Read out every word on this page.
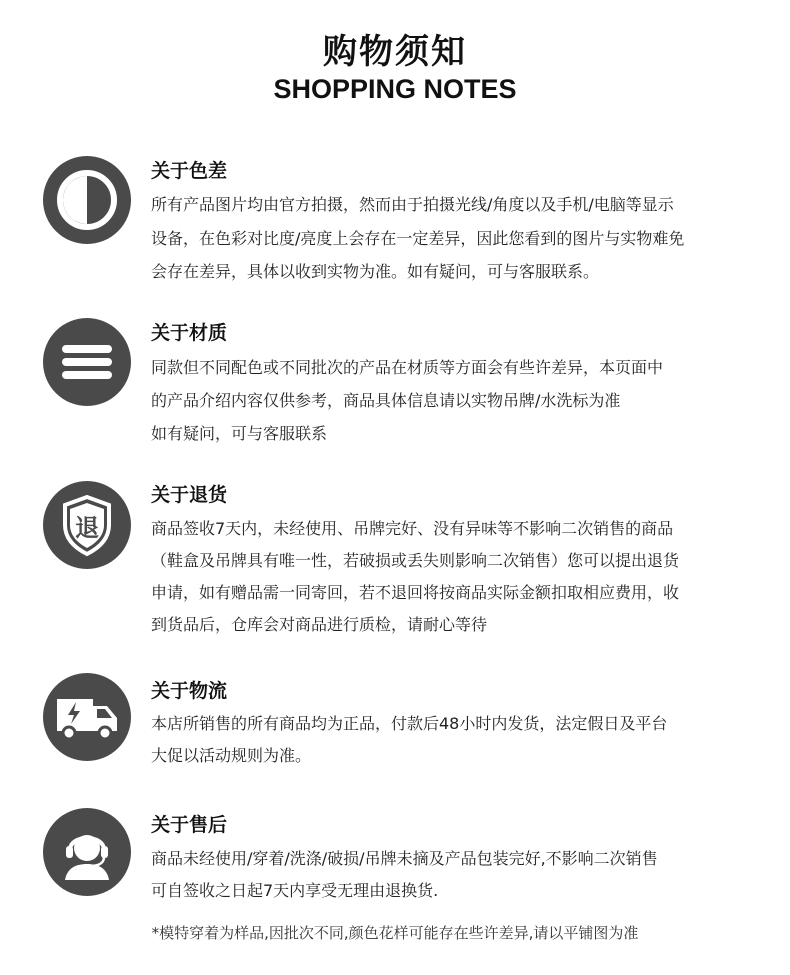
购物须知
SHOPPING NOTES
关于色差
所有产品图片均由官方拍摄，然而由于拍摄光线/角度以及手机/电脑等显示
设备，在色彩对比度/亮度上会存在一定差异，因此您看到的图片与实物难免
会存在差异，具体以收到实物为准。如有疑问，可与客服联系。
关于材质
同款但不同配色或不同批次的产品在材质等方面会有些许差异，本页面中
的产品介绍内容仅供参考，商品具体信息请以实物吊牌/水洗标为准
如有疑问，可与客服联系
退
关于退货
商品签收7天内，未经使用、吊牌完好、没有异味等不影响二次销售的商品
（鞋盒及吊牌具有唯一性，若破损或丢失则影响二次销售）您可以提出退货
申请，如有赠品需一同寄回，若不退回将按商品实际金额扣取相应费用，收
到货品后，仓库会对商品进行质检，请耐心等待
关于物流
本店所销售的所有商品均为正品，付款后48小时内发货，法定假日及平台
大促以活动规则为准。
关于售后
商品未经使用/穿着/洗涤/破损/吊牌未摘及产品包装完好,不影响二次销售
可自签收之日起7天内享受无理由退换货.
*模特穿着为样品,因批次不同,颜色花样可能存在些许差异,请以平铺图为准
